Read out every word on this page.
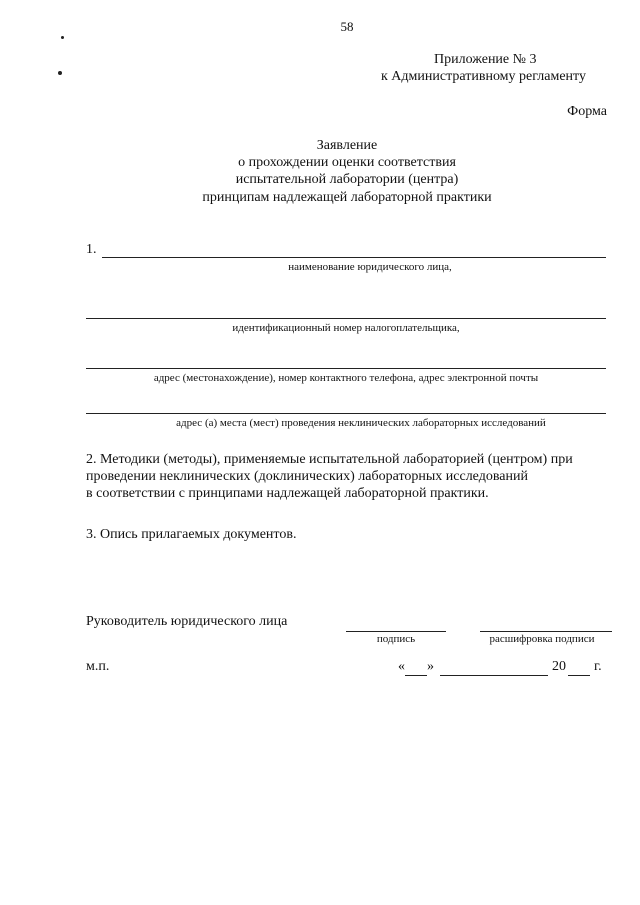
58
Приложение № 3
к Административному регламенту
Форма
Заявление
о прохождении оценки соответствия
испытательной лаборатории (центра)
принципам надлежащей лабораторной практики
1.
наименование юридического лица,
идентификационный номер налогоплательщика,
адрес (местонахождение), номер контактного телефона, адрес электронной почты
адрес (а) места (мест) проведения неклинических лабораторных исследований
2. Методики (методы), применяемые испытательной лабораторией (центром) при
проведении неклинических (доклинических) лабораторных исследований
в соответствии с принципами надлежащей лабораторной практики.
3. Опись прилагаемых документов.
Руководитель юридического лица
подпись	расшифровка подписи
м.п.	« »	20 г.
